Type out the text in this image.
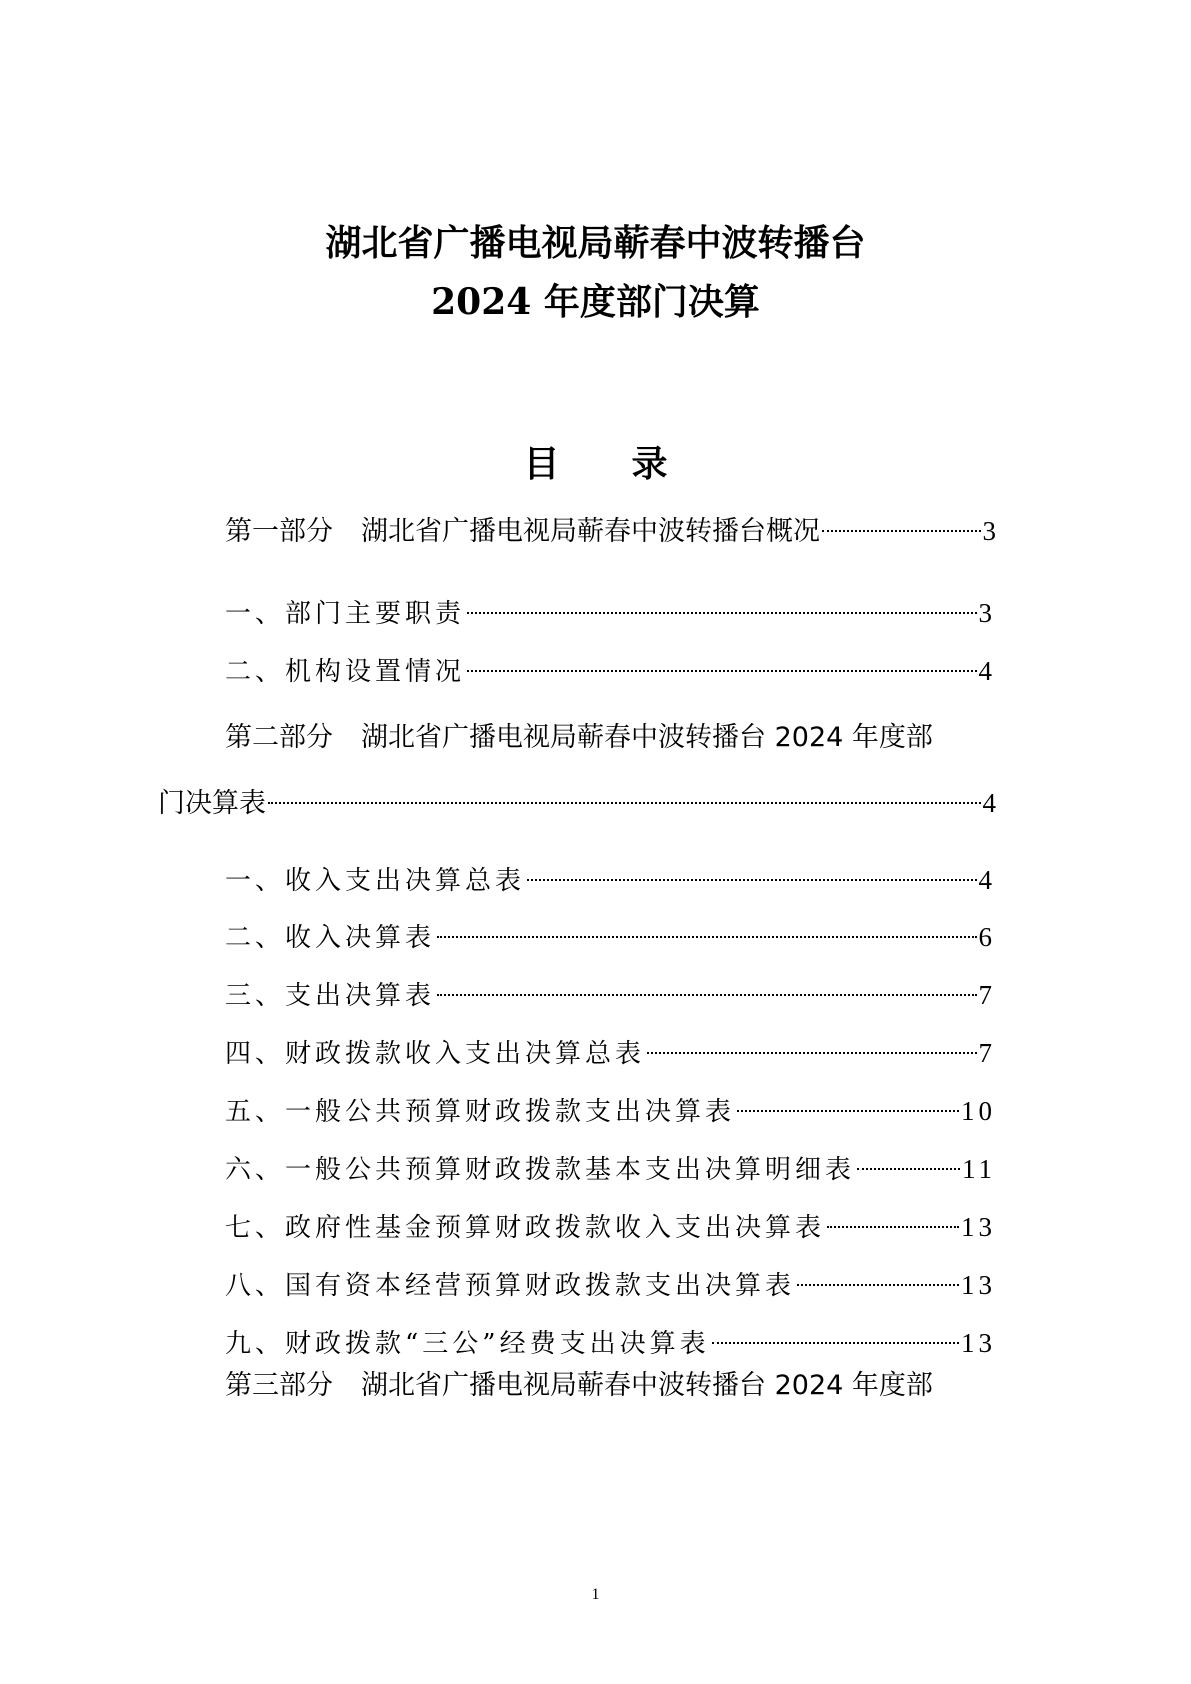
湖北省广播电视局蕲春中波转播台
2024 年度部门决算
目录
第一部分 湖北省广播电视局蕲春中波转播台概况	3
一、部门主要职责	3
二、机构设置情况	4
第二部分 湖北省广播电视局蕲春中波转播台 2024 年度部
门决算表	4
一、收入支出决算总表	4
二、收入决算表	6
三、支出决算表	7
四、财政拨款收入支出决算总表	7
五、一般公共预算财政拨款支出决算表	10
六、一般公共预算财政拨款基本支出决算明细表	11
七、政府性基金预算财政拨款收入支出决算表	13
八、国有资本经营预算财政拨款支出决算表	13
九、财政拨款“三公”经费支出决算表	13
第三部分 湖北省广播电视局蕲春中波转播台 2024 年度部

1
